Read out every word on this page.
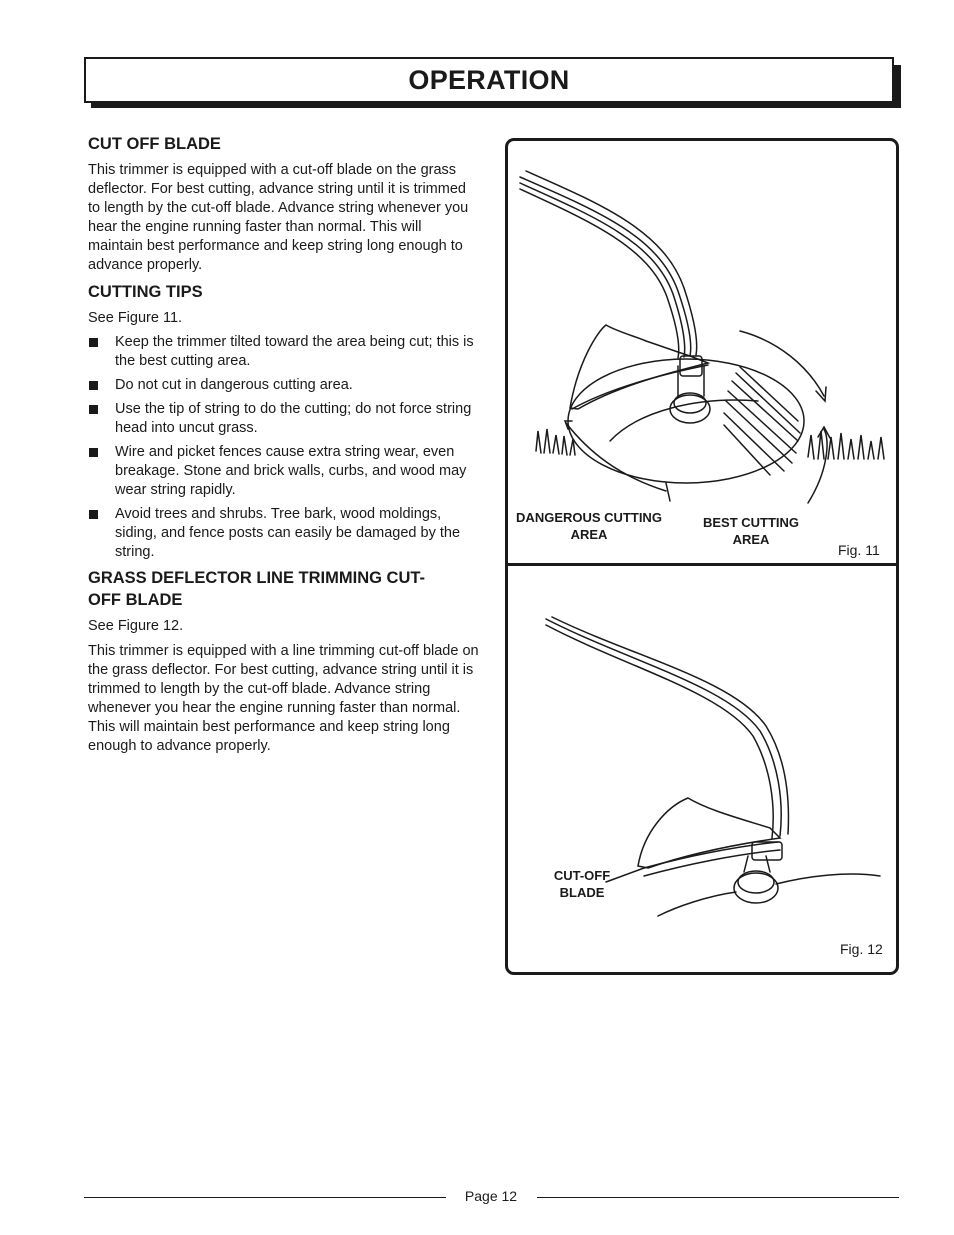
OPERATION
CUT OFF BLADE

This trimmer is equipped with a cut-off blade on the grass deflector. For best cutting, advance string until it is trimmed to length by the cut-off blade. Advance string whenever you hear the engine running faster than normal. This will maintain best performance and keep string long enough to advance properly.

CUTTING TIPS

See Figure 11.

Keep the trimmer tilted toward the area being cut; this is the best cutting area.
Do not cut in dangerous cutting area.
Use the tip of string to do the cutting; do not force string head into uncut grass.
Wire and picket fences cause extra string wear, even breakage. Stone and brick walls, curbs, and wood may wear string rapidly.
Avoid trees and shrubs. Tree bark, wood moldings, siding, and fence posts can easily be damaged by the string.
GRASS DEFLECTOR LINE TRIMMING CUT-
OFF BLADE

See Figure 12.

This trimmer is equipped with a line trimming cut-off blade on the grass deflector. For best cutting, advance string until it is trimmed to length by the cut-off blade. Advance string whenever you hear the engine running faster than normal. This will maintain best performance and keep string long enough to advance properly.

DANGEROUS CUTTING
AREA
BEST CUTTING
AREA
Fig. 11
CUT-OFF
BLADE
Fig. 12
Page 12
